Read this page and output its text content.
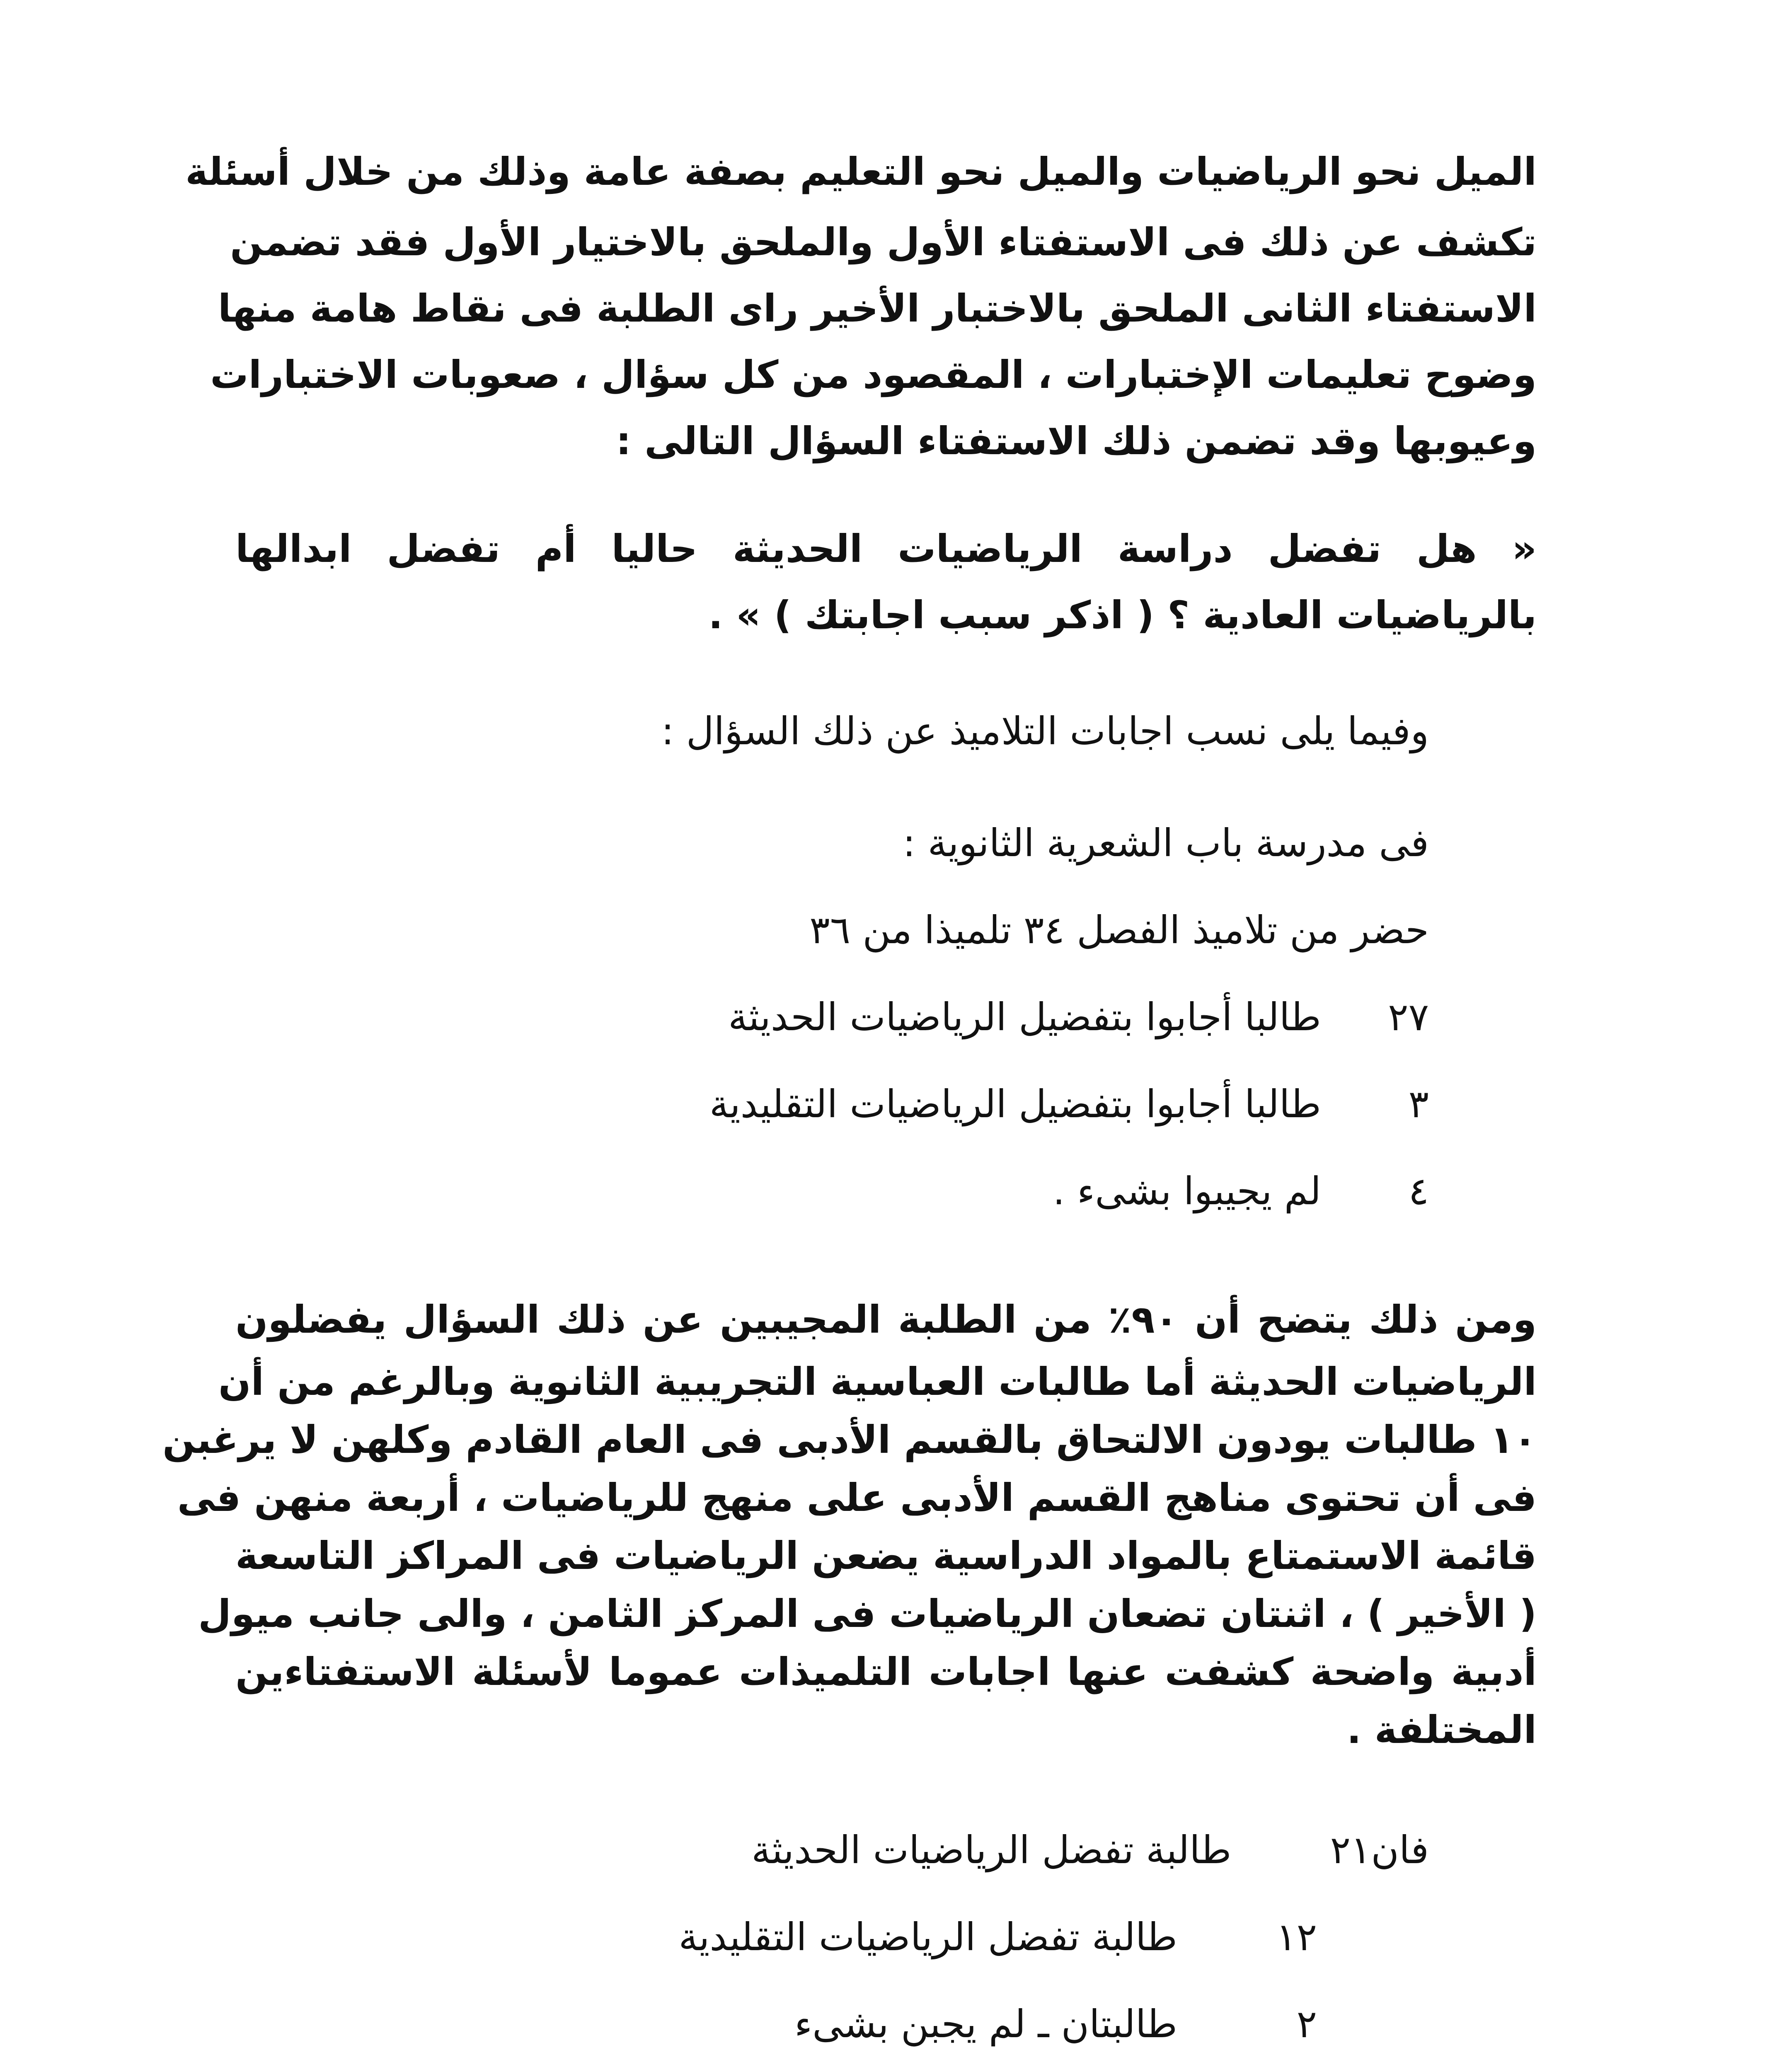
الميل نحو الرياضيات والميل نحو التعليم بصفة عامة وذلك من خلال أسئلة
تكشف عن ذلك فى الاستفتاء الأول والملحق بالاختيار الأول فقد تضمن
الاستفتاء الثانى الملحق بالاختبار الأخير راى الطلبة فى نقاط هامة منها
وضوح تعليمات الإختبارات ، المقصود من كل سؤال ، صعوبات الاختبارات
وعيوبها وقد تضمن ذلك الاستفتاء السؤال التالى :
« هل تفضل دراسة الرياضيات الحديثة حاليا أم تفضل ابدالها
بالرياضيات العادية ؟ ( اذكر سبب اجابتك ) » .
وفيما يلى نسب اجابات التلاميذ عن ذلك السؤال :
فى مدرسة باب الشعرية الثانوية :
حضر من تلاميذ الفصل ٣٤ تلميذا من ٣٦
٢٧طالبا أجابوا بتفضيل الرياضيات الحديثة
٣طالبا أجابوا بتفضيل الرياضيات التقليدية
٤لم يجيبوا بشىء .
ومن ذلك يتضح أن ٩٠٪ من الطلبة المجيبين عن ذلك السؤال يفضلون
الرياضيات الحديثة أما طالبات العباسية التجريبية الثانوية وبالرغم من أن
١٠ طالبات يودون الالتحاق بالقسم الأدبى فى العام القادم وكلهن لا يرغبن
فى أن تحتوى مناهج القسم الأدبى على منهج للرياضيات ، أربعة منهن فى
قائمة الاستمتاع بالمواد الدراسية يضعن الرياضيات فى المراكز التاسعة
( الأخير ) ، اثنتان تضعان الرياضيات فى المركز الثامن ، والى جانب ميول
أدبية واضحة كشفت عنها اجابات التلميذات عموما لأسئلة الاستفتاءين
المختلفة .
فان٢١    طالبة تفضل الرياضيات الحديثة
١٢    طالبة تفضل الرياضيات التقليدية
٢    طالبتان ـ لم يجبن بشىء
